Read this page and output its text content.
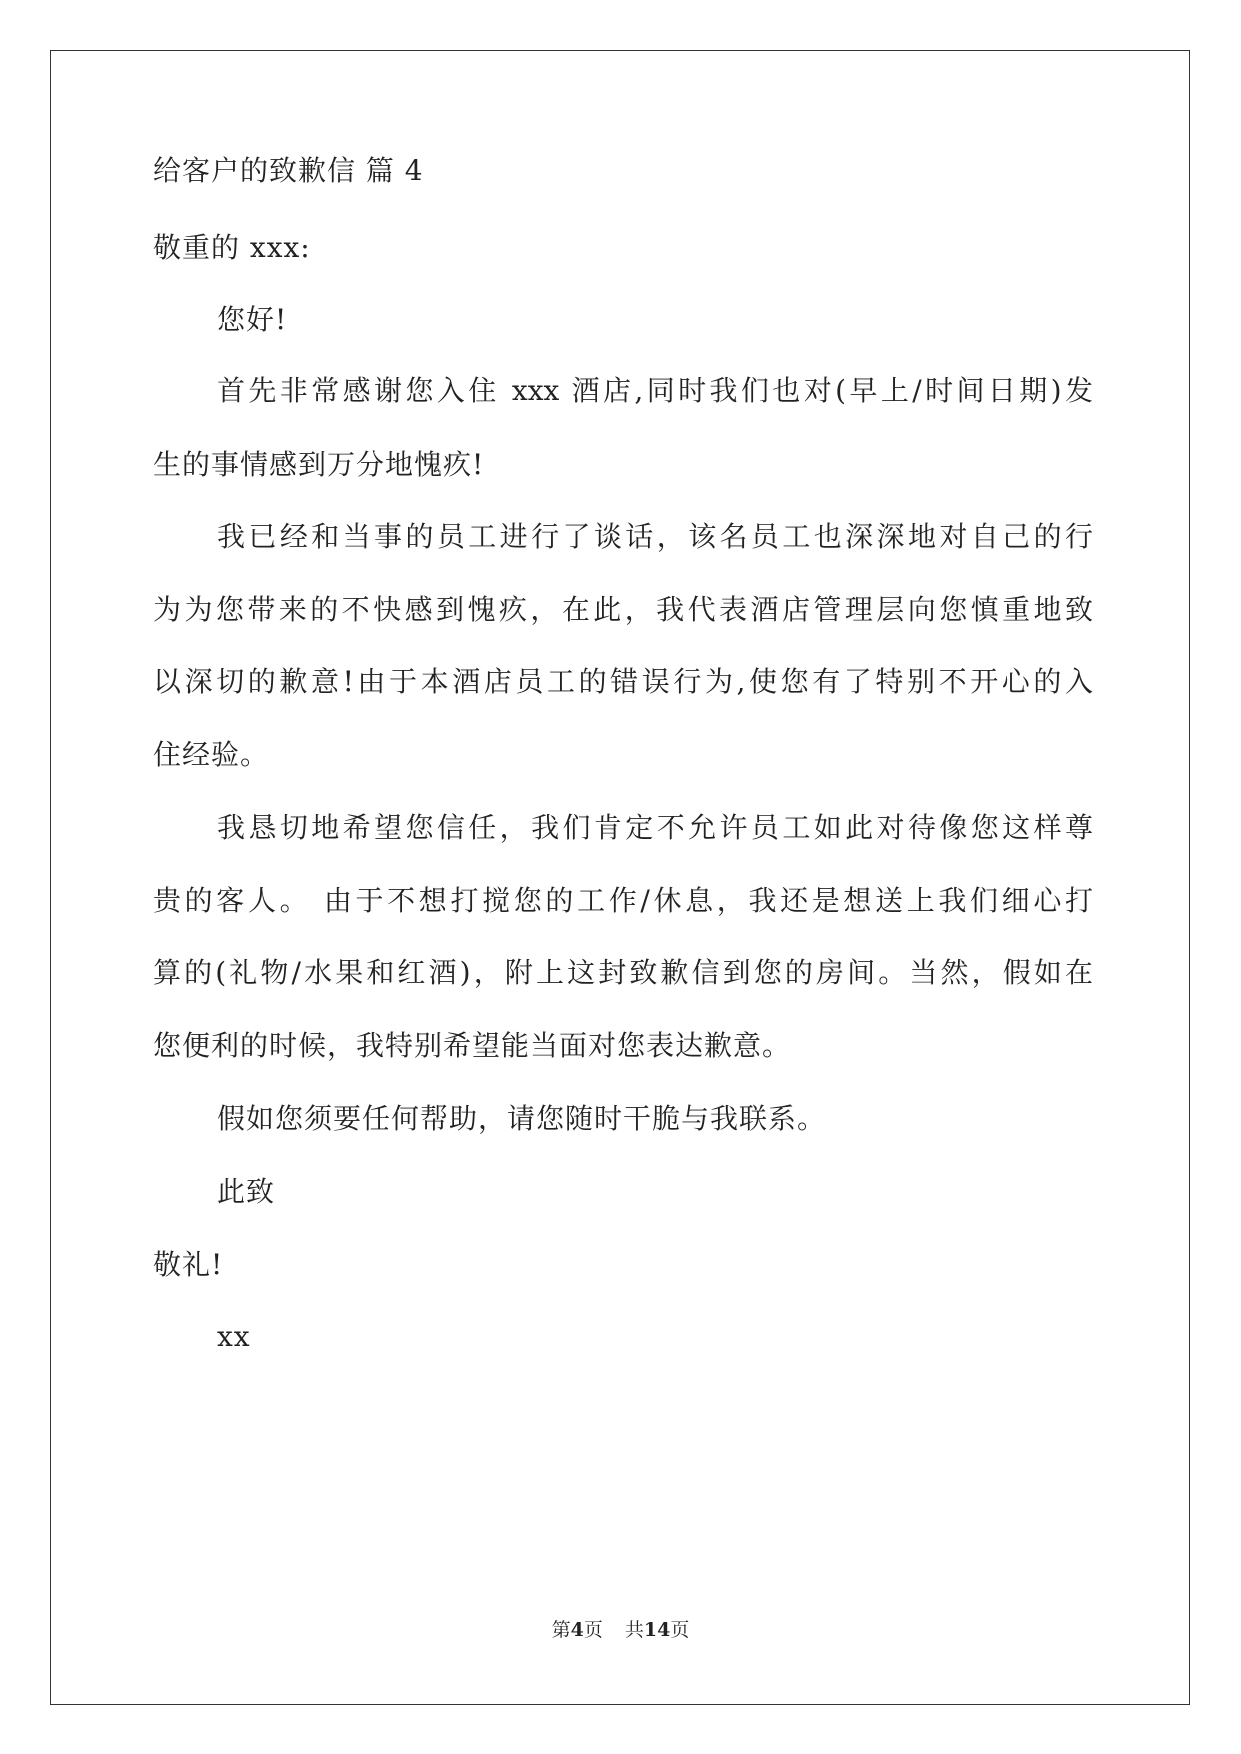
给客户的致歉信 篇 4
敬重的 xxx:
您好!
首先非常感谢您入住 xxx 酒店,同时我们也对(早上/时间日期)发
生的事情感到万分地愧疚!
我已经和当事的员工进行了谈话，该名员工也深深地对自己的行
为为您带来的不快感到愧疚，在此，我代表酒店管理层向您慎重地致
以深切的歉意!由于本酒店员工的错误行为,使您有了特别不开心的入
住经验。
我恳切地希望您信任，我们肯定不允许员工如此对待像您这样尊
贵的客人。 由于不想打搅您的工作/休息，我还是想送上我们细心打
算的(礼物/水果和红酒)，附上这封致歉信到您的房间。当然，假如在
您便利的时候，我特别希望能当面对您表达歉意。
假如您须要任何帮助，请您随时干脆与我联系。
此致
敬礼!
xx
第4页 共14页
